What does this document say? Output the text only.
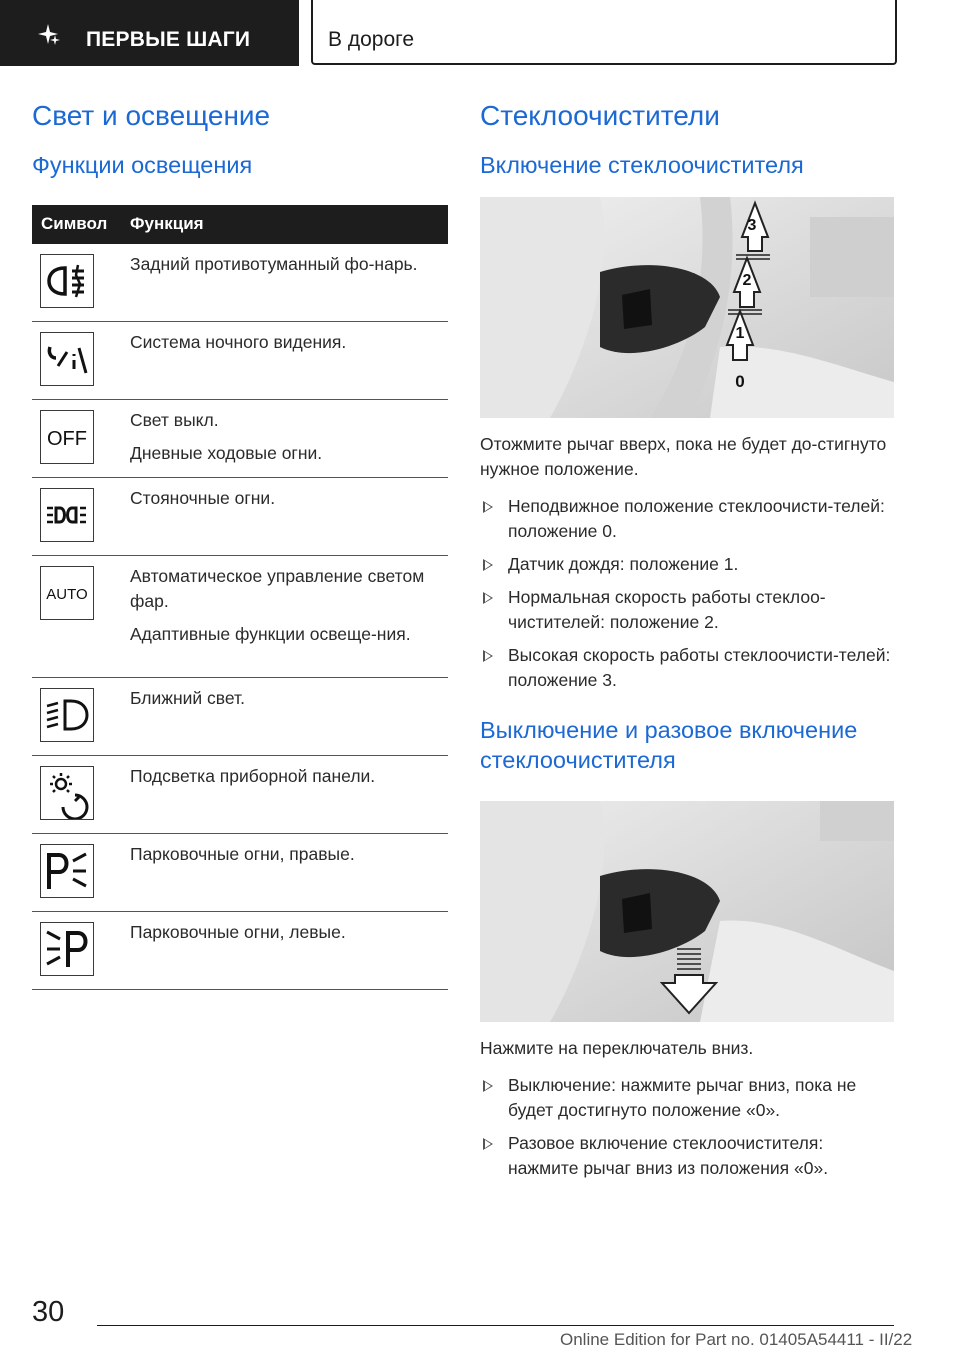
ПЕРВЫЕ ШАГИ	В дороге
Свет и освещение
Функции освещения
Символ Функция

Задний противотуманный фо-нарь.

Система ночного видения.

OFF

Свет выкл.

Дневные ходовые огни.

Стояночные огни.

AUTO

Автоматическое управление светом фар.

Адаптивные функции освеще-ния.

Ближний свет.

Подсветка приборной панели.

Парковочные огни, правые.

Парковочные огни, левые.

Стеклоочистители
Включение стеклоочистителя
3
2
1
0

Отожмите рычаг вверх, пока не будет до-стигнуто нужное положение.

Неподвижное положение стеклоочисти-телей: положение 0.
Датчик дождя: положение 1.
Нормальная скорость работы стеклоо-чистителей: положение 2.
Высокая скорость работы стеклоочисти-телей: положение 3.
Выключение и разовое включение стеклоочистителя

Нажмите на переключатель вниз.

Выключение: нажмите рычаг вниз, пока не будет достигнуто положение «0».
Разовое включение стеклоочистителя: нажмите рычаг вниз из положения «0».
30
Online Edition for Part no. 01405A54411 - II/22
